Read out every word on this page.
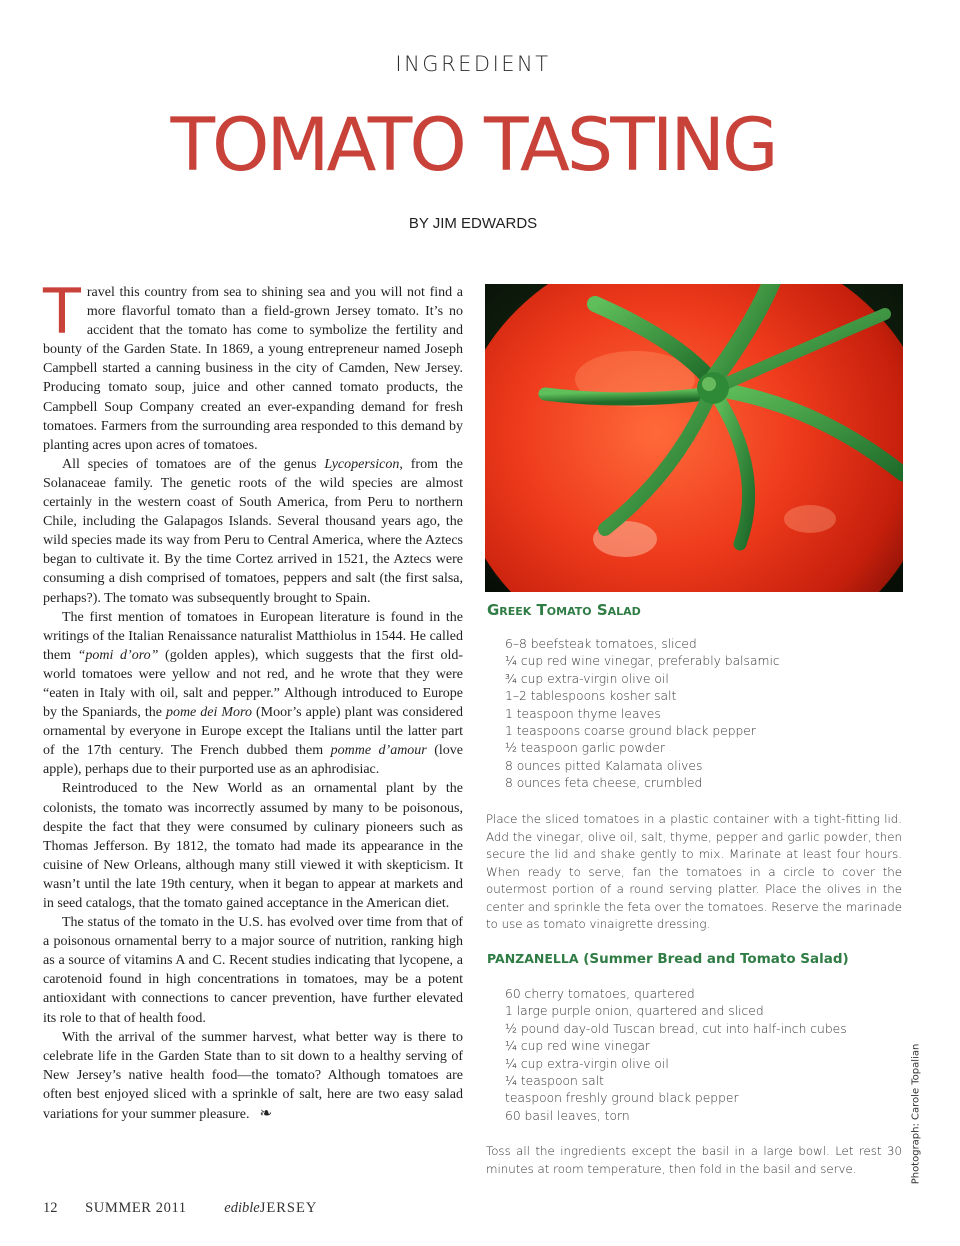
INGREDIENT
TOMATO TASTING
BY JIM EDWARDS

Travel this country from sea to shining sea and you will not find a more flavorful tomato than a field-grown Jersey tomato. It’s no accident that the tomato has come to symbolize the fertility and bounty of the Garden State. In 1869, a young entrepreneur named Joseph Campbell started a canning business in the city of Camden, New Jersey. Producing tomato soup, juice and other canned tomato products, the Campbell Soup Company created an ever-expanding demand for fresh tomatoes. Farmers from the surrounding area responded to this demand by planting acres upon acres of tomatoes.

All species of tomatoes are of the genus Lycopersicon, from the Solanaceae family. The genetic roots of the wild species are almost certainly in the western coast of South America, from Peru to northern Chile, including the Galapagos Islands. Several thousand years ago, the wild species made its way from Peru to Central America, where the Aztecs began to cultivate it. By the time Cortez arrived in 1521, the Aztecs were consuming a dish comprised of tomatoes, peppers and salt (the first salsa, perhaps?). The tomato was subsequently brought to Spain.

The first mention of tomatoes in European literature is found in the writings of the Italian Renaissance naturalist Matthiolus in 1544. He called them “pomi d’oro” (golden apples), which suggests that the first old-world tomatoes were yellow and not red, and he wrote that they were “eaten in Italy with oil, salt and pepper.” Although introduced to Europe by the Spaniards, the pome dei Moro (Moor’s apple) plant was considered ornamental by everyone in Europe except the Italians until the latter part of the 17th century. The French dubbed them pomme d’amour (love apple), perhaps due to their purported use as an aphrodisiac.

Reintroduced to the New World as an ornamental plant by the colonists, the tomato was incorrectly assumed by many to be poisonous, despite the fact that they were consumed by culinary pioneers such as Thomas Jefferson. By 1812, the tomato had made its appearance in the cuisine of New Orleans, although many still viewed it with skepticism. It wasn’t until the late 19th century, when it began to appear at markets and in seed catalogs, that the tomato gained acceptance in the American diet.

The status of the tomato in the U.S. has evolved over time from that of a poisonous ornamental berry to a major source of nutrition, ranking high as a source of vitamins A and C. Recent studies indicating that lycopene, a carotenoid found in high concentrations in tomatoes, may be a potent antioxidant with connections to cancer prevention, have further elevated its role to that of health food.

With the arrival of the summer harvest, what better way is there to celebrate life in the Garden State than to sit down to a healthy serving of New Jersey’s native health food—the tomato? Although tomatoes are often best enjoyed sliced with a sprinkle of salt, here are two easy salad variations for your summer pleasure. ❧	Photograph: Carole Topalian
Greek Tomato Salad
6–8 beefsteak tomatoes, sliced
¼ cup red wine vinegar, preferably balsamic
¾ cup extra-virgin olive oil
1–2 tablespoons kosher salt
1 teaspoon thyme leaves
1 teaspoons coarse ground black pepper
½ teaspoon garlic powder
8 ounces pitted Kalamata olives
8 ounces feta cheese, crumbled

Place the sliced tomatoes in a plastic container with a tight-fitting lid. Add the vinegar, olive oil, salt, thyme, pepper and garlic powder, then secure the lid and shake gently to mix. Marinate at least four hours. When ready to serve, fan the tomatoes in a circle to cover the outermost portion of a round serving platter. Place the olives in the center and sprinkle the feta over the tomatoes. Reserve the marinade to use as tomato vinaigrette dressing.

PANZANELLA (Summer Bread and Tomato Salad)
60 cherry tomatoes, quartered
1 large purple onion, quartered and sliced
½ pound day-old Tuscan bread, cut into half-inch cubes
¼ cup red wine vinegar
¼ cup extra-virgin olive oil
¼ teaspoon salt
teaspoon freshly ground black pepper
60 basil leaves, torn

Toss all the ingredients except the basil in a large bowl. Let rest 30 minutes at room temperature, then fold in the basil and serve.

12 SUMMER 2011	edibleJERSEY
